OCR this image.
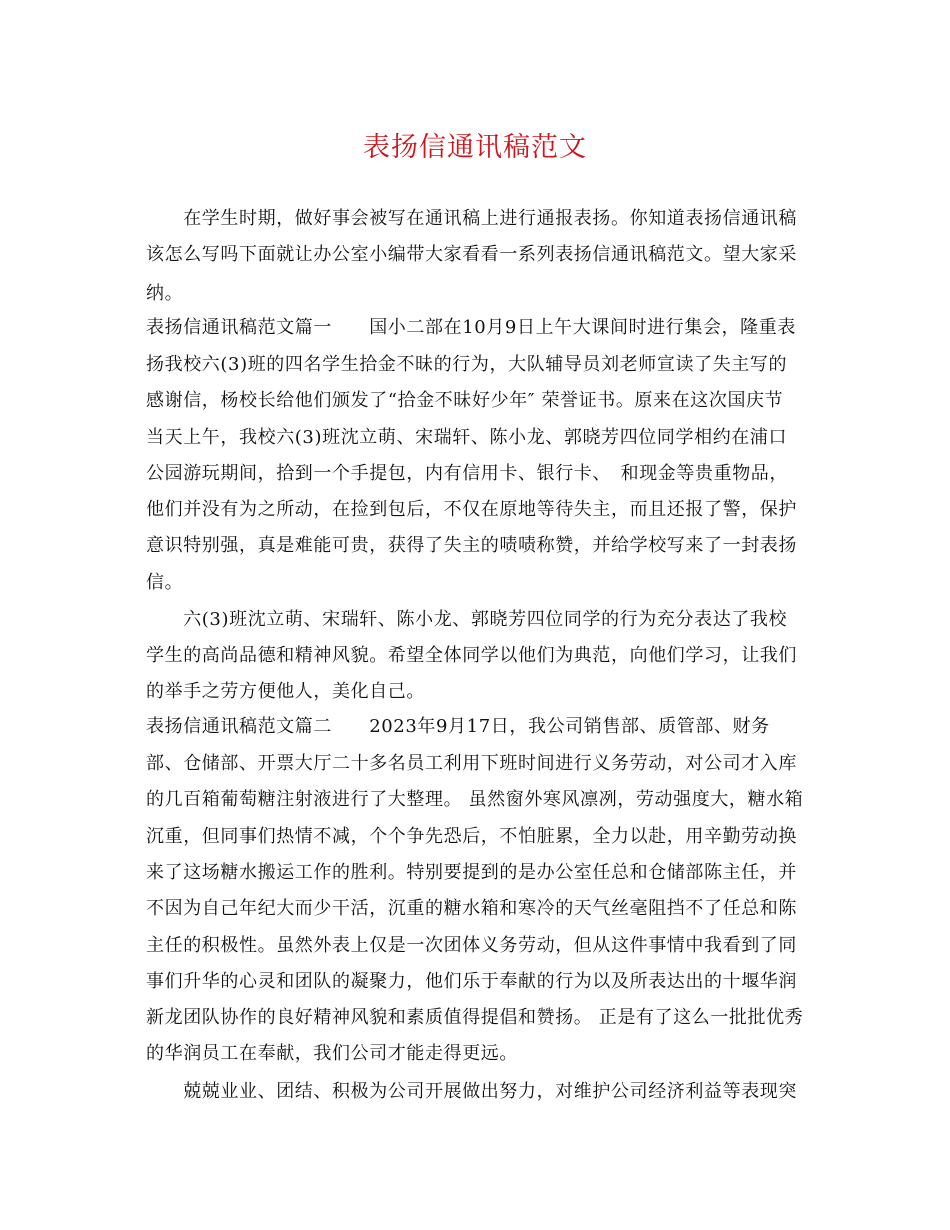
表扬信通讯稿范文
　　在学生时期，做好事会被写在通讯稿上进行通报表扬。你知道表扬信通讯稿
该怎么写吗下面就让办公室小编带大家看看一系列表扬信通讯稿范文。望大家采
纳。
表扬信通讯稿范文篇一　　国小二部在10月9日上午大课间时进行集会，隆重表
扬我校六(3)班的四名学生拾金不昧的行为，大队辅导员刘老师宣读了失主写的
感谢信，杨校长给他们颁发了“拾金不昧好少年″ 荣誉证书。原来在这次国庆节
当天上午，我校六(3)班沈立萌、宋瑞轩、陈小龙、郭晓芳四位同学相约在浦口
公园游玩期间，拾到一个手提包，内有信用卡、银行卡、　和现金等贵重物品，
他们并没有为之所动，在捡到包后，不仅在原地等待失主，而且还报了警，保护
意识特别强，真是难能可贵，获得了失主的啧啧称赞，并给学校写来了一封表扬
信。
　　六(3)班沈立萌、宋瑞轩、陈小龙、郭晓芳四位同学的行为充分表达了我校
学生的高尚品德和精神风貌。希望全体同学以他们为典范，向他们学习，让我们
的举手之劳方便他人，美化自己。
表扬信通讯稿范文篇二　　2023年9月17日，我公司销售部、质管部、财务
部、仓储部、开票大厅二十多名员工利用下班时间进行义务劳动，对公司才入库
的几百箱葡萄糖注射液进行了大整理。 虽然窗外寒风凛冽，劳动强度大，糖水箱
沉重，但同事们热情不减，个个争先恐后，不怕脏累，全力以赴，用辛勤劳动换
来了这场糖水搬运工作的胜利。特别要提到的是办公室任总和仓储部陈主任，并
不因为自己年纪大而少干活，沉重的糖水箱和寒冷的天气丝毫阻挡不了任总和陈
主任的积极性。虽然外表上仅是一次团体义务劳动，但从这件事情中我看到了同
事们升华的心灵和团队的凝聚力，他们乐于奉献的行为以及所表达出的十堰华润
新龙团队协作的良好精神风貌和素质值得提倡和赞扬。 正是有了这么一批批优秀
的华润员工在奉献，我们公司才能走得更远。
　　兢兢业业、团结、积极为公司开展做出努力，对维护公司经济利益等表现突
